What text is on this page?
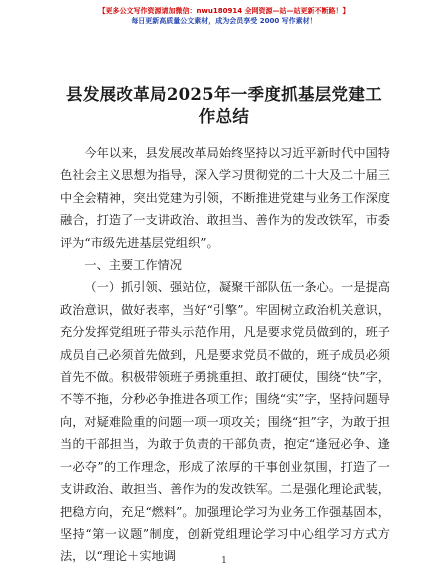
【更多公文写作资源请加微信：nwu180914 全网资源—站—站更新不断路！】
每日更新高质量公文素材，成为会员享受 2000 写作素材！
县发展改革局2025年一季度抓基层党建工作总结

今年以来，县发展改革局始终坚持以习近平新时代中国特色社会主义思想为指导，深入学习贯彻党的二十大及二十届三中全会精神，突出党建为引领，不断推进党建与业务工作深度融合，打造了一支讲政治、敢担当、善作为的发改铁军，市委评为“市级先进基层党组织”。

一、主要工作情况

（一）抓引领、强站位，凝聚干部队伍一条心。一是提高政治意识，做好表率，当好“引擎”。牢固树立政治机关意识，充分发挥党组班子带头示范作用，凡是要求党员做到的，班子成员自己必须首先做到，凡是要求党员不做的，班子成员必须首先不做。积极带领班子勇挑重担、敢打硬仗，围绕“快”字，不等不拖，分秒必争推进各项工作；围绕“实”字，坚持问题导向，对疑难险重的问题一项一项攻关；围绕“担”字，为敢于担当的干部担当，为敢于负责的干部负责，抱定“逢冠必争、逢一必夺”的工作理念，形成了浓厚的干事创业氛围，打造了一支讲政治、敢担当、善作为的发改铁军。二是强化理论武装，把稳方向，充足“燃料”。加强理论学习为业务工作强基固本，坚持“第一议题”制度，创新党组理论学习中心组学习方式方法，以“理论＋实地调	1
